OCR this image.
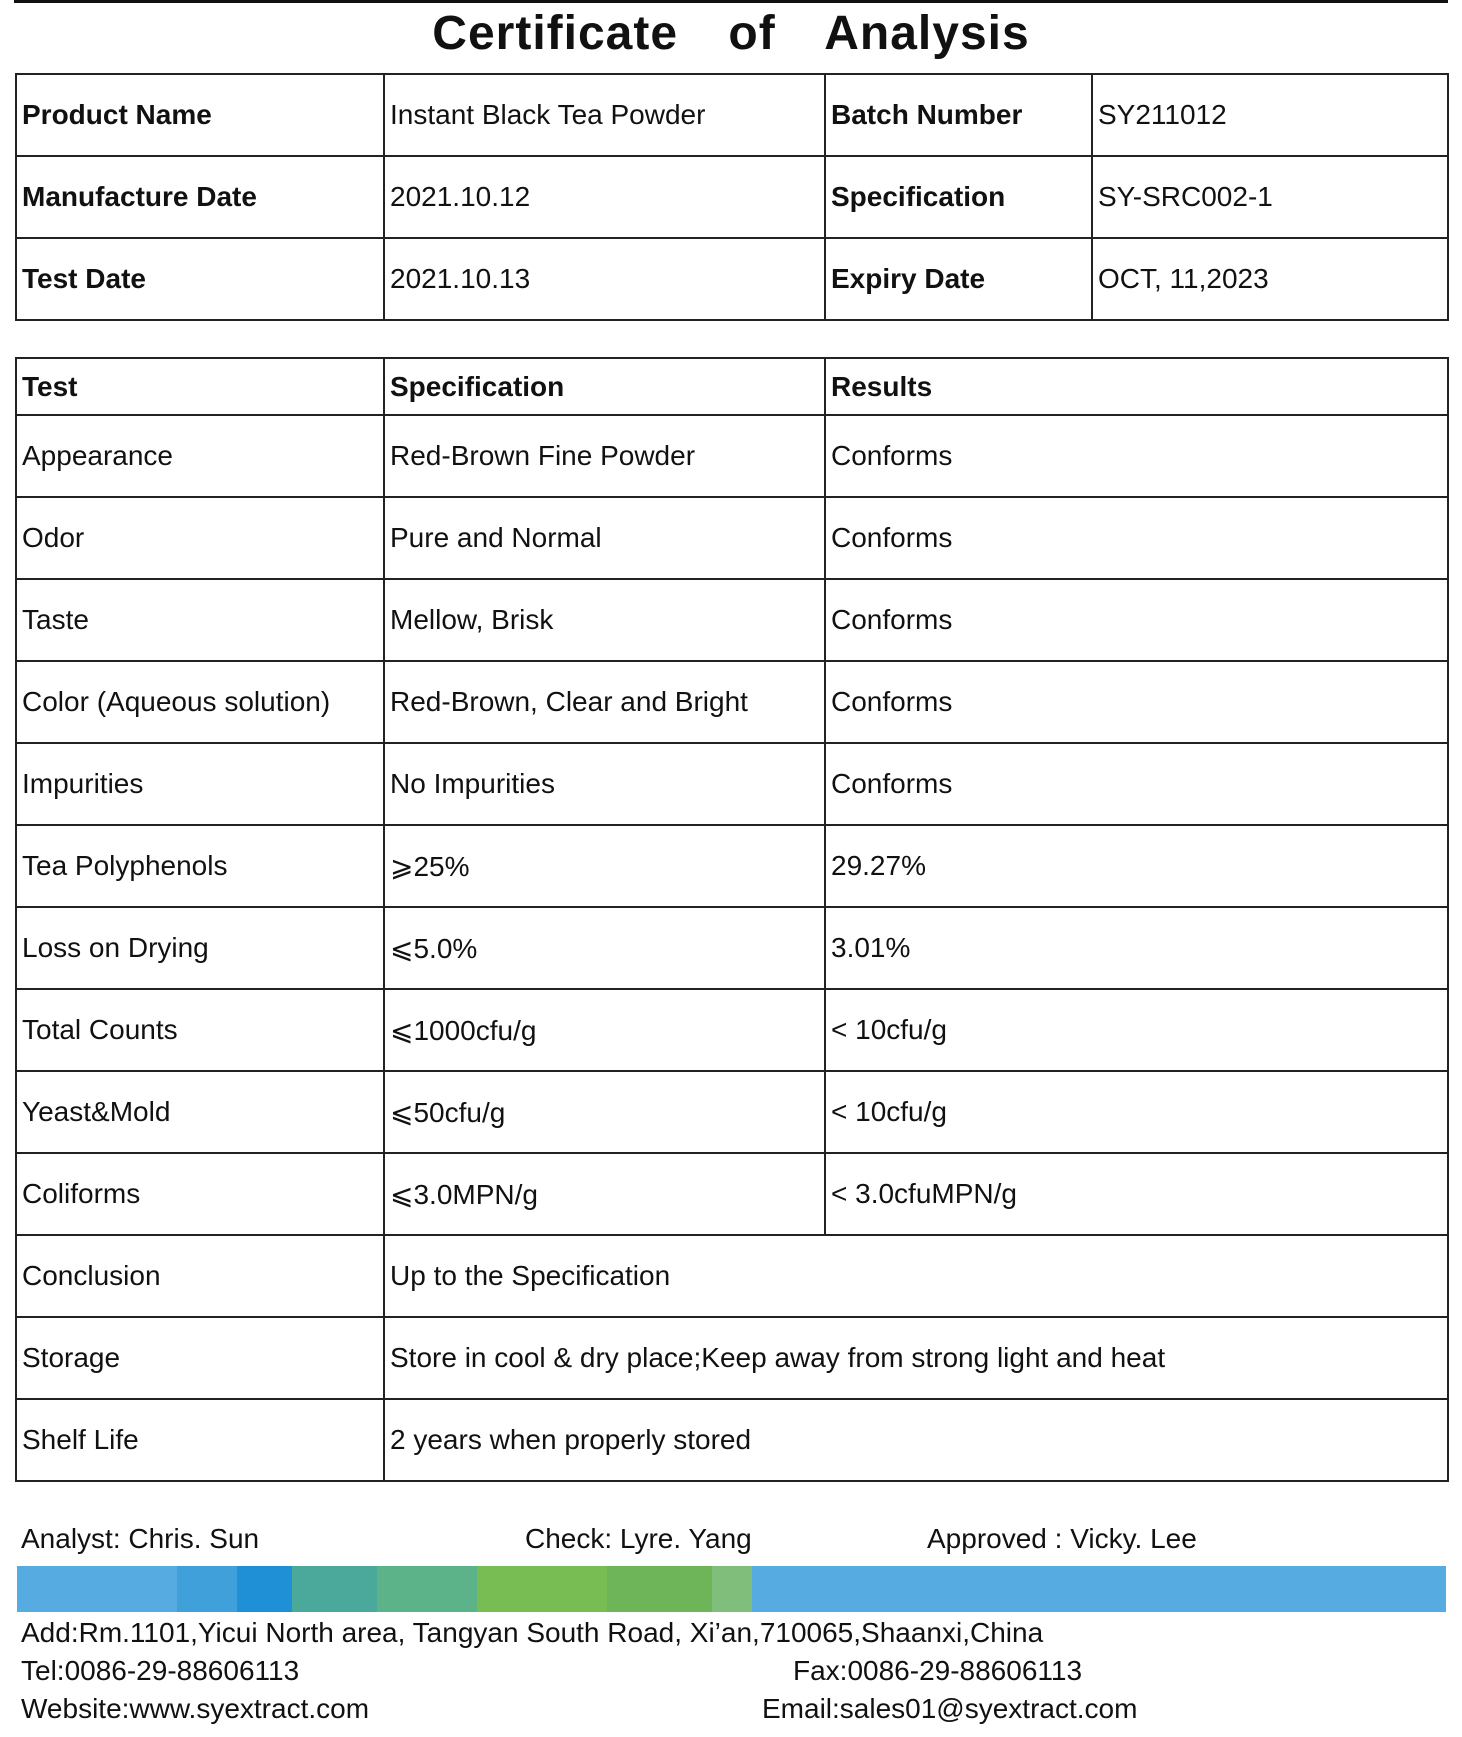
Certificate of Analysis
Product Name	Instant Black Tea Powder	Batch Number	SY211012
Manufacture Date	2021.10.12	Specification	SY-SRC002-1
Test Date	2021.10.13	Expiry Date	OCT, 11,2023
Test	Specification	Results
Appearance	Red-Brown Fine Powder	Conforms
Odor	Pure and Normal	Conforms
Taste	Mellow, Brisk	Conforms
Color (Aqueous solution)	Red-Brown, Clear and Bright	Conforms
Impurities	No Impurities	Conforms
Tea Polyphenols	⩾25%	29.27%
Loss on Drying	⩽5.0%	3.01%
Total Counts	⩽1000cfu/g	< 10cfu/g
Yeast&Mold	⩽50cfu/g	< 10cfu/g
Coliforms	⩽3.0MPN/g	< 3.0cfuMPN/g
Conclusion	Up to the Specification	
Storage	Store in cool & dry place;Keep away from strong light and heat	
Shelf Life	2 years when properly stored	
Analyst: Chris. Sun	Check: Lyre. Yang	Approved : Vicky. Lee
Add:Rm.1101,Yicui North area, Tangyan South Road, Xi’an,710065,Shaanxi,China
Tel:0086-29-88606113	Fax:0086-29-88606113
Website:www.syextract.com	Email:sales01@syextract.com
